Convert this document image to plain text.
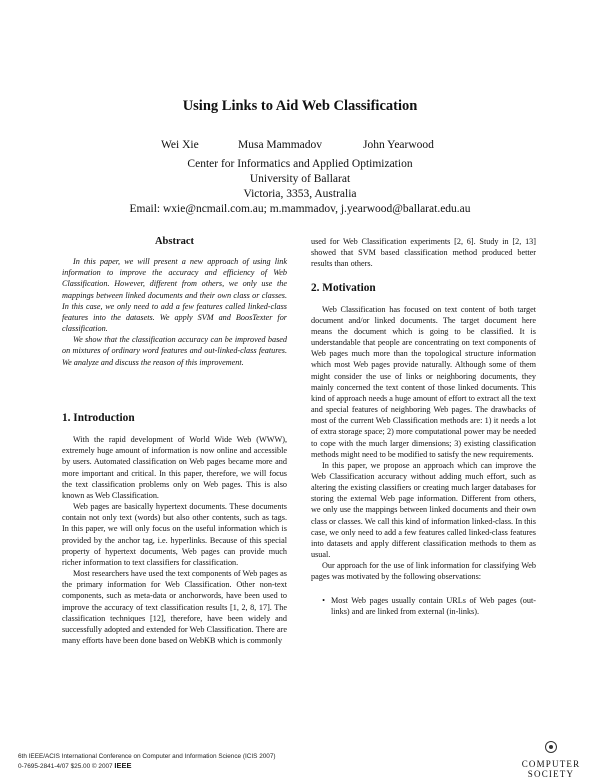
Using Links to Aid Web Classification
Wei Xie	Musa Mammadov	John Yearwood
Center for Informatics and Applied Optimization
University of Ballarat
Victoria, 3353, Australia
Email: wxie@ncmail.com.au; m.mammadov, j.yearwood@ballarat.edu.au
Abstract

In this paper, we will present a new approach of using link information to improve the accuracy and efficiency of Web Classification. However, different from others, we only use the mappings between linked documents and their own class or classes. In this case, we only need to add a few features called linked-class features into the datasets. We apply SVM and BoosTexter for classification.

We show that the classification accuracy can be improved based on mixtures of ordinary word features and out-linked-class features. We analyze and discuss the reason of this improvement.

1. Introduction

With the rapid development of World Wide Web (WWW), extremely huge amount of information is now online and accessible by users. Automated classification on Web pages became more and more important and critical. In this paper, therefore, we will focus the text classification problems only on Web pages. This is also known as Web Classification.

Web pages are basically hypertext documents. These documents contain not only text (words) but also other contents, such as tags. In this paper, we will only focus on the useful information which is provided by the anchor tag, i.e. hyperlinks. Because of this special property of hypertext documents, Web pages can provide much richer information to text classifiers for classification.

Most researchers have used the text components of Web pages as the primary information for Web Classification. Other non-text components, such as meta-data or anchorwords, have been used to improve the accuracy of text classification results [1, 2, 8, 17]. The classification techniques [12], therefore, have been widely and successfully adopted and extended for Web Classification. There are many efforts have been done based on WebKB which is commonly

used for Web Classification experiments [2, 6]. Study in [2, 13] showed that SVM based classification method produced better results than others.

2. Motivation

Web Classification has focused on text content of both target document and/or linked documents. The target document here means the document which is going to be classified. It is understandable that people are concentrating on text components of Web pages much more than the topological structure information which most Web pages provide naturally. Although some of them might consider the use of links or neighboring documents, they mainly concerned the text content of those linked documents. This kind of approach needs a huge amount of effort to extract all the text and special features of neighboring Web pages. The drawbacks of most of the current Web Classification methods are: 1) it needs a lot of extra storage space; 2) more computational power may be needed to cope with the much larger dimensions; 3) existing classification methods might need to be modified to satisfy the new requirements.

In this paper, we propose an approach which can improve the Web Classification accuracy without adding much effort, such as altering the existing classifiers or creating much larger databases for storing the external Web page information. Different from others, we only use the mappings between linked documents and their own class or classes. We call this kind of information linked-class. In this case, we only need to add a few features called linked-class features into datasets and apply different classification methods to them as usual.

Our approach for the use of link information for classifying Web pages was motivated by the following observations:

• Most Web pages usually contain URLs of Web pages (out-links) and are linked from external (in-links).
6th IEEE/ACIS International Conference on Computer and Information Science (ICIS 2007)
0-7695-2841-4/07 $25.00 © 2007 IEEE	COMPUTER
SOCIETY
